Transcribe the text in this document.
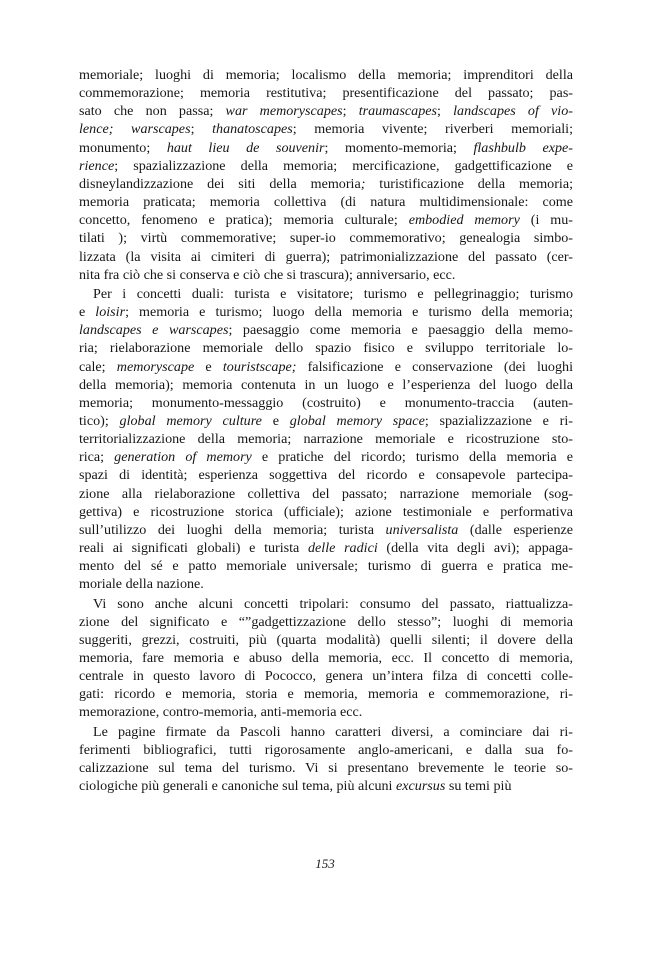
memoriale; luoghi di memoria; localismo della memoria; imprenditori della
commemorazione; memoria restitutiva; presentificazione del passato; pas-
sato che non passa; war memoryscapes; traumascapes; landscapes of vio-
lence; warscapes; thanatoscapes; memoria vivente; riverberi memoriali;
monumento; haut lieu de souvenir; momento-memoria; flashbulb expe-
rience; spazializzazione della memoria; mercificazione, gadgettificazione e
disneylandizzazione dei siti della memoria; turistificazione della memoria;
memoria praticata; memoria collettiva (di natura multidimensionale: come
concetto, fenomeno e pratica); memoria culturale; embodied memory (i mu-
tilati ); virtù commemorative; super-io commemorativo; genealogia simbo-
lizzata (la visita ai cimiteri di guerra); patrimonializzazione del passato (cer-
nita fra ciò che si conserva e ciò che si trascura); anniversario, ecc.
Per i concetti duali: turista e visitatore; turismo e pellegrinaggio; turismo
e loisir; memoria e turismo; luogo della memoria e turismo della memoria;
landscapes e warscapes; paesaggio come memoria e paesaggio della memo-
ria; rielaborazione memoriale dello spazio fisico e sviluppo territoriale lo-
cale; memoryscape e touristscape; falsificazione e conservazione (dei luoghi
della memoria); memoria contenuta in un luogo e l’esperienza del luogo della
memoria; monumento-messaggio (costruito) e monumento-traccia (auten-
tico); global memory culture e global memory space; spazializzazione e ri-
territorializzazione della memoria; narrazione memoriale e ricostruzione sto-
rica; generation of memory e pratiche del ricordo; turismo della memoria e
spazi di identità; esperienza soggettiva del ricordo e consapevole partecipa-
zione alla rielaborazione collettiva del passato; narrazione memoriale (sog-
gettiva) e ricostruzione storica (ufficiale); azione testimoniale e performativa
sull’utilizzo dei luoghi della memoria; turista universalista (dalle esperienze
reali ai significati globali) e turista delle radici (della vita degli avi); appaga-
mento del sé e patto memoriale universale; turismo di guerra e pratica me-
moriale della nazione.
Vi sono anche alcuni concetti tripolari: consumo del passato, riattualizza-
zione del significato e “”gadgettizzazione dello stesso”; luoghi di memoria
suggeriti, grezzi, costruiti, più (quarta modalità) quelli silenti; il dovere della
memoria, fare memoria e abuso della memoria, ecc. Il concetto di memoria,
centrale in questo lavoro di Pococco, genera un’intera filza di concetti colle-
gati: ricordo e memoria, storia e memoria, memoria e commemorazione, ri-
memorazione, contro-memoria, anti-memoria ecc.
Le pagine firmate da Pascoli hanno caratteri diversi, a cominciare dai ri-
ferimenti bibliografici, tutti rigorosamente anglo-americani, e dalla sua fo-
calizzazione sul tema del turismo. Vi si presentano brevemente le teorie so-
ciologiche più generali e canoniche sul tema, più alcuni excursus su temi più
153
